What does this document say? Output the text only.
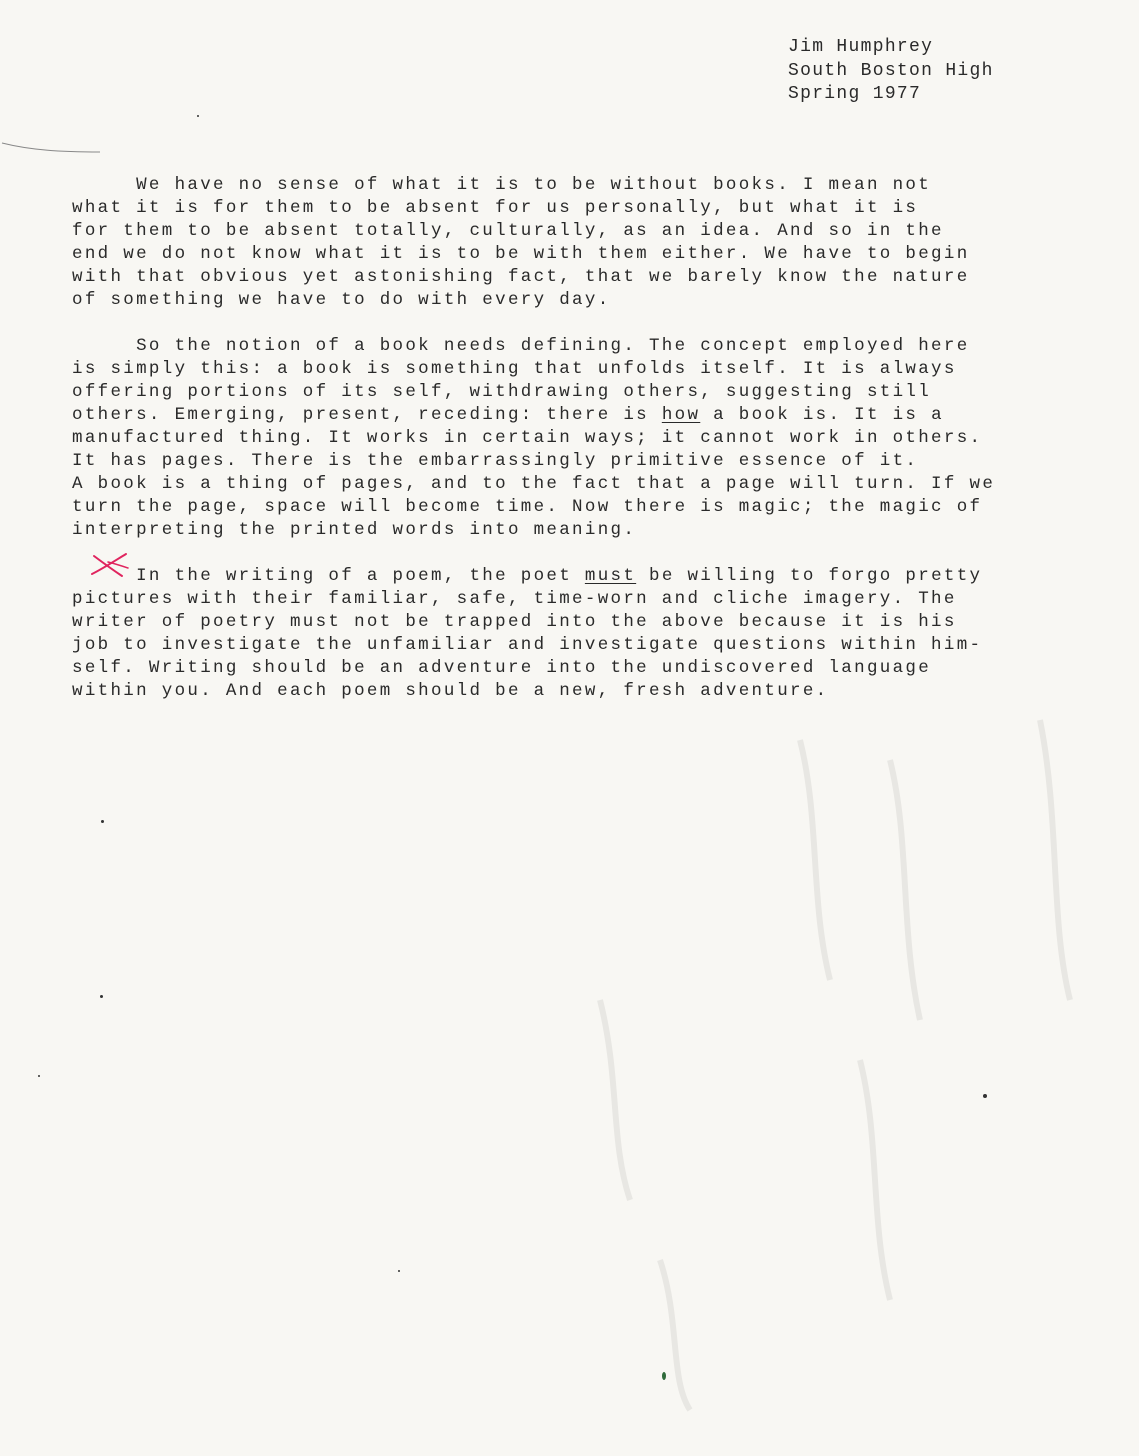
Jim Humphrey
South Boston High
Spring 1977
We have no sense of what it is to be without books. I mean not
what it is for them to be absent for us personally, but what it is
for them to be absent totally, culturally, as an idea. And so in the
end we do not know what it is to be with them either. We have to begin
with that obvious yet astonishing fact, that we barely know the nature
of something we have to do with every day.
So the notion of a book needs defining. The concept employed here
is simply this: a book is something that unfolds itself. It is always
offering portions of its self, withdrawing others, suggesting still
others. Emerging, present, receding: there is how a book is. It is a
manufactured thing. It works in certain ways; it cannot work in others.
It has pages. There is the embarrassingly primitive essence of it.
A book is a thing of pages, and to the fact that a page will turn. If we
turn the page, space will become time. Now there is magic; the magic of
interpreting the printed words into meaning.
In the writing of a poem, the poet must be willing to forgo pretty
pictures with their familiar, safe, time-worn and cliche imagery. The
writer of poetry must not be trapped into the above because it is his
job to investigate the unfamiliar and investigate questions within him-
self. Writing should be an adventure into the undiscovered language
within you. And each poem should be a new, fresh adventure.
